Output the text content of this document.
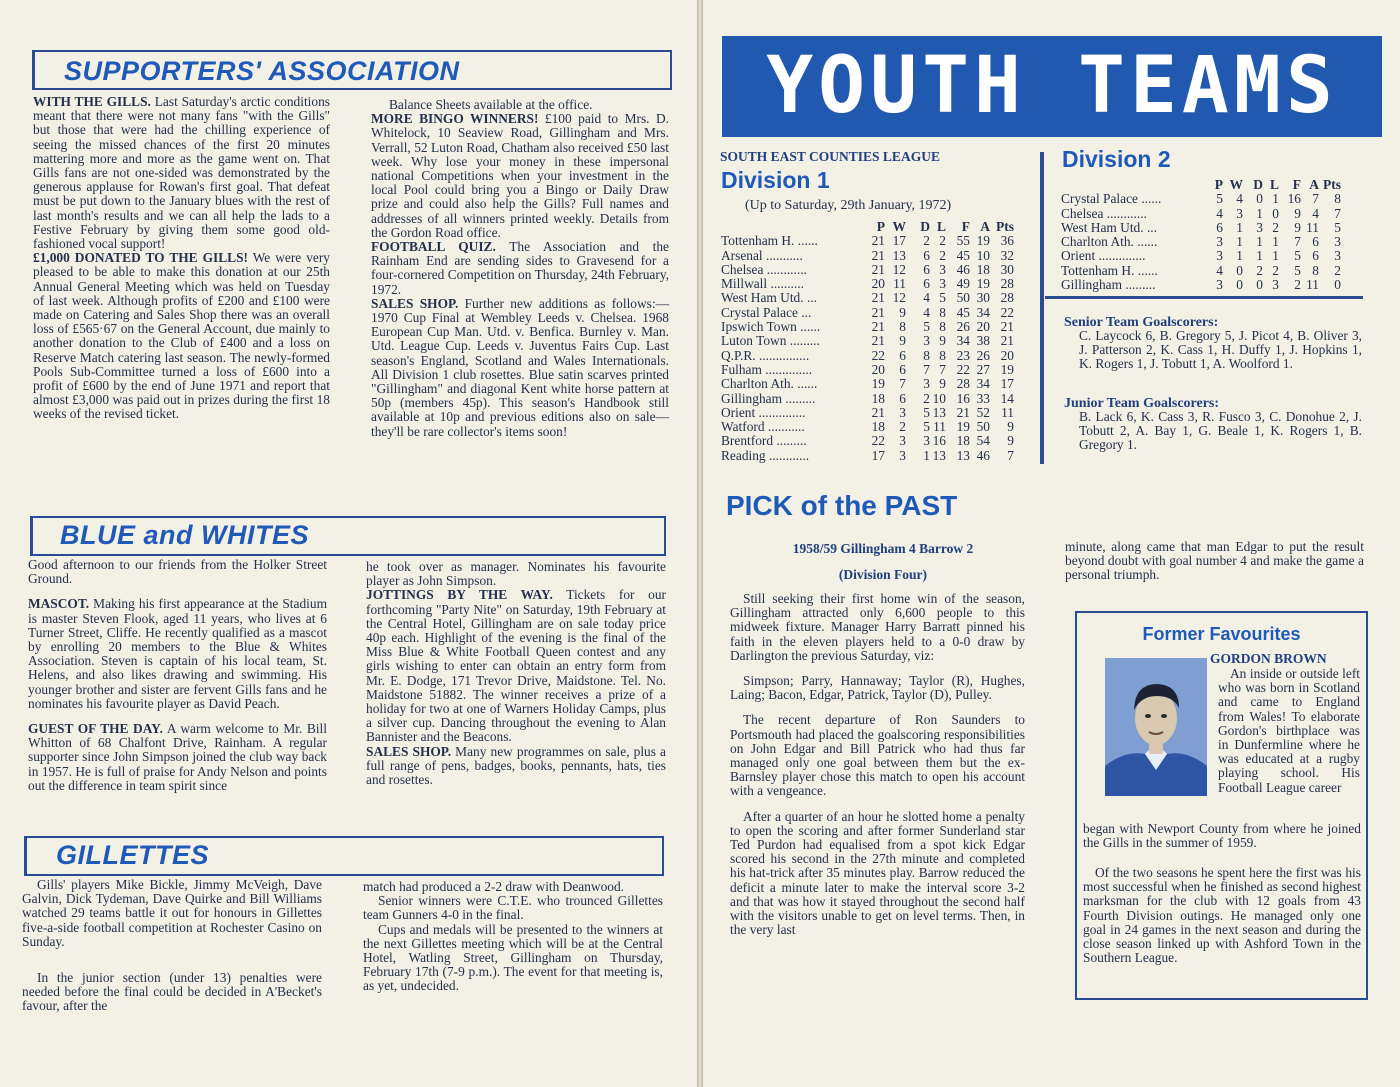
SUPPORTERS' ASSOCIATION

WITH THE GILLS. Last Saturday's arctic conditions meant that there were not many fans "with the Gills" but those that were had the chilling experience of seeing the missed chances of the first 20 minutes mattering more and more as the game went on. That Gills fans are not one-sided was demonstrated by the generous applause for Rowan's first goal. That defeat must be put down to the January blues with the rest of last month's results and we can all help the lads to a Festive February by giving them some good old-fashioned vocal support!

£1,000 DONATED TO THE GILLS! We were very pleased to be able to make this donation at our 25th Annual General Meeting which was held on Tuesday of last week. Although profits of £200 and £100 were made on Catering and Sales Shop there was an overall loss of £565·67 on the General Account, due mainly to another donation to the Club of £400 and a loss on Reserve Match catering last season. The newly-formed Pools Sub-Committee turned a loss of £600 into a profit of £600 by the end of June 1971 and report that almost £3,000 was paid out in prizes during the first 18 weeks of the revised ticket.

Balance Sheets available at the office.

MORE BINGO WINNERS! £100 paid to Mrs. D. Whitelock, 10 Seaview Road, Gillingham and Mrs. Verrall, 52 Luton Road, Chatham also received £50 last week. Why lose your money in these impersonal national Competitions when your investment in the local Pool could bring you a Bingo or Daily Draw prize and could also help the Gills? Full names and addresses of all winners printed weekly. Details from the Gordon Road office.

FOOTBALL QUIZ. The Association and the Rainham End are sending sides to Gravesend for a four-cornered Competition on Thursday, 24th February, 1972.

SALES SHOP. Further new additions as follows:—1970 Cup Final at Wembley Leeds v. Chelsea. 1968 European Cup Man. Utd. v. Benfica. Burnley v. Man. Utd. League Cup. Leeds v. Juventus Fairs Cup. Last season's England, Scotland and Wales Internationals. All Division 1 club rosettes. Blue satin scarves printed "Gillingham" and diagonal Kent white horse pattern at 50p (members 45p). This season's Handbook still available at 10p and previous editions also on sale—they'll be rare collector's items soon!

BLUE and WHITES

Good afternoon to our friends from the Holker Street Ground.

MASCOT. Making his first appearance at the Stadium is master Steven Flook, aged 11 years, who lives at 6 Turner Street, Cliffe. He recently qualified as a mascot by enrolling 20 members to the Blue & Whites Association. Steven is captain of his local team, St. Helens, and also likes drawing and swimming. His younger brother and sister are fervent Gills fans and he nominates his favourite player as David Peach.

GUEST OF THE DAY. A warm welcome to Mr. Bill Whitton of 68 Chalfont Drive, Rainham. A regular supporter since John Simpson joined the club way back in 1957. He is full of praise for Andy Nelson and points out the difference in team spirit since

he took over as manager. Nominates his favourite player as John Simpson.

JOTTINGS BY THE WAY. Tickets for our forthcoming "Party Nite" on Saturday, 19th February at the Central Hotel, Gillingham are on sale today price 40p each. Highlight of the evening is the final of the Miss Blue & White Football Queen contest and any girls wishing to enter can obtain an entry form from Mr. E. Dodge, 171 Trevor Drive, Maidstone. Tel. No. Maidstone 51882. The winner receives a prize of a holiday for two at one of Warners Holiday Camps, plus a silver cup. Dancing throughout the evening to Alan Bannister and the Beacons.

SALES SHOP. Many new programmes on sale, plus a full range of pens, badges, books, pennants, hats, ties and rosettes.

GILLETTES

Gills' players Mike Bickle, Jimmy McVeigh, Dave Galvin, Dick Tydeman, Dave Quirke and Bill Williams watched 29 teams battle it out for honours in Gillettes five-a-side football competition at Rochester Casino on Sunday.

In the junior section (under 13) penalties were needed before the final could be decided in A'Becket's favour, after the

match had produced a 2-2 draw with Deanwood.

Senior winners were C.T.E. who trounced Gillettes team Gunners 4-0 in the final.

Cups and medals will be presented to the winners at the next Gillettes meeting which will be at the Central Hotel, Watling Street, Gillingham on Thursday, February 17th (7-9 p.m.). The event for that meeting is, as yet, undecided.

YOUTH TEAMS
SOUTH EAST COUNTIES LEAGUE
Division 1
(Up to Saturday, 29th January, 1972)
	P	W	D	L	F	A	Pts
Tottenham H. ......	21	17	2	2	55	19	36
Arsenal ...........	21	13	6	2	45	10	32
Chelsea ............	21	12	6	3	46	18	30
Millwall ..........	20	11	6	3	49	19	28
West Ham Utd. ...	21	12	4	5	50	30	28
Crystal Palace ...	21	9	4	8	45	34	22
Ipswich Town ......	21	8	5	8	26	20	21
Luton Town .........	21	9	3	9	34	38	21
Q.P.R. ...............	22	6	8	8	23	26	20
Fulham ..............	20	6	7	7	22	27	19
Charlton Ath. ......	19	7	3	9	28	34	17
Gillingham .........	18	6	2	10	16	33	14
Orient ..............	21	3	5	13	21	52	11
Watford ...........	18	2	5	11	19	50	9
Brentford .........	22	3	3	16	18	54	9
Reading ............	17	3	1	13	13	46	7
Division 2
	P	W	D	L	F	A	Pts
Crystal Palace ......	5	4	0	1	16	7	8
Chelsea ............	4	3	1	0	9	4	7
West Ham Utd. ...	6	1	3	2	9	11	5
Charlton Ath. ......	3	1	1	1	7	6	3
Orient ..............	3	1	1	1	5	6	3
Tottenham H. ......	4	0	2	2	5	8	2
Gillingham .........	3	0	0	3	2	11	0
Senior Team Goalscorers:
C. Laycock 6, B. Gregory 5, J. Picot 4, B. Oliver 3, J. Patterson 2, K. Cass 1, H. Duffy 1, J. Hopkins 1, K. Rogers 1, J. Tobutt 1, A. Woolford 1.
Junior Team Goalscorers:
B. Lack 6, K. Cass 3, R. Fusco 3, C. Donohue 2, J. Tobutt 2, A. Bay 1, G. Beale 1, K. Rogers 1, B. Gregory 1.
PICK of the PAST
1958/59 Gillingham 4 Barrow 2
(Division Four)

Still seeking their first home win of the season, Gillingham attracted only 6,600 people to this midweek fixture. Manager Harry Barratt pinned his faith in the eleven players held to a 0-0 draw by Darlington the previous Saturday, viz:

Simpson; Parry, Hannaway; Taylor (R), Hughes, Laing; Bacon, Edgar, Patrick, Taylor (D), Pulley.

The recent departure of Ron Saunders to Portsmouth had placed the goalscoring responsibilities on John Edgar and Bill Patrick who had thus far managed only one goal between them but the ex-Barnsley player chose this match to open his account with a vengeance.

After a quarter of an hour he slotted home a penalty to open the scoring and after former Sunderland star Ted Purdon had equalised from a spot kick Edgar scored his second in the 27th minute and completed his hat-trick after 35 minutes play. Barrow reduced the deficit a minute later to make the interval score 3-2 and that was how it stayed throughout the second half with the visitors unable to get on level terms. Then, in the very last

minute, along came that man Edgar to put the result beyond doubt with goal number 4 and make the game a personal triumph.
Former Favourites
GORDON BROWN
An inside or outside left who was born in Scotland and came to England from Wales! To elaborate Gordon's birthplace was in Dunfermline where he was educated at a rugby playing school. His Football League career
began with Newport County from where he joined the Gills in the summer of 1959.
Of the two seasons he spent here the first was his most successful when he finished as second highest marksman for the club with 12 goals from 43 Fourth Division outings. He managed only one goal in 24 games in the next season and during the close season linked up with Ashford Town in the Southern League.
